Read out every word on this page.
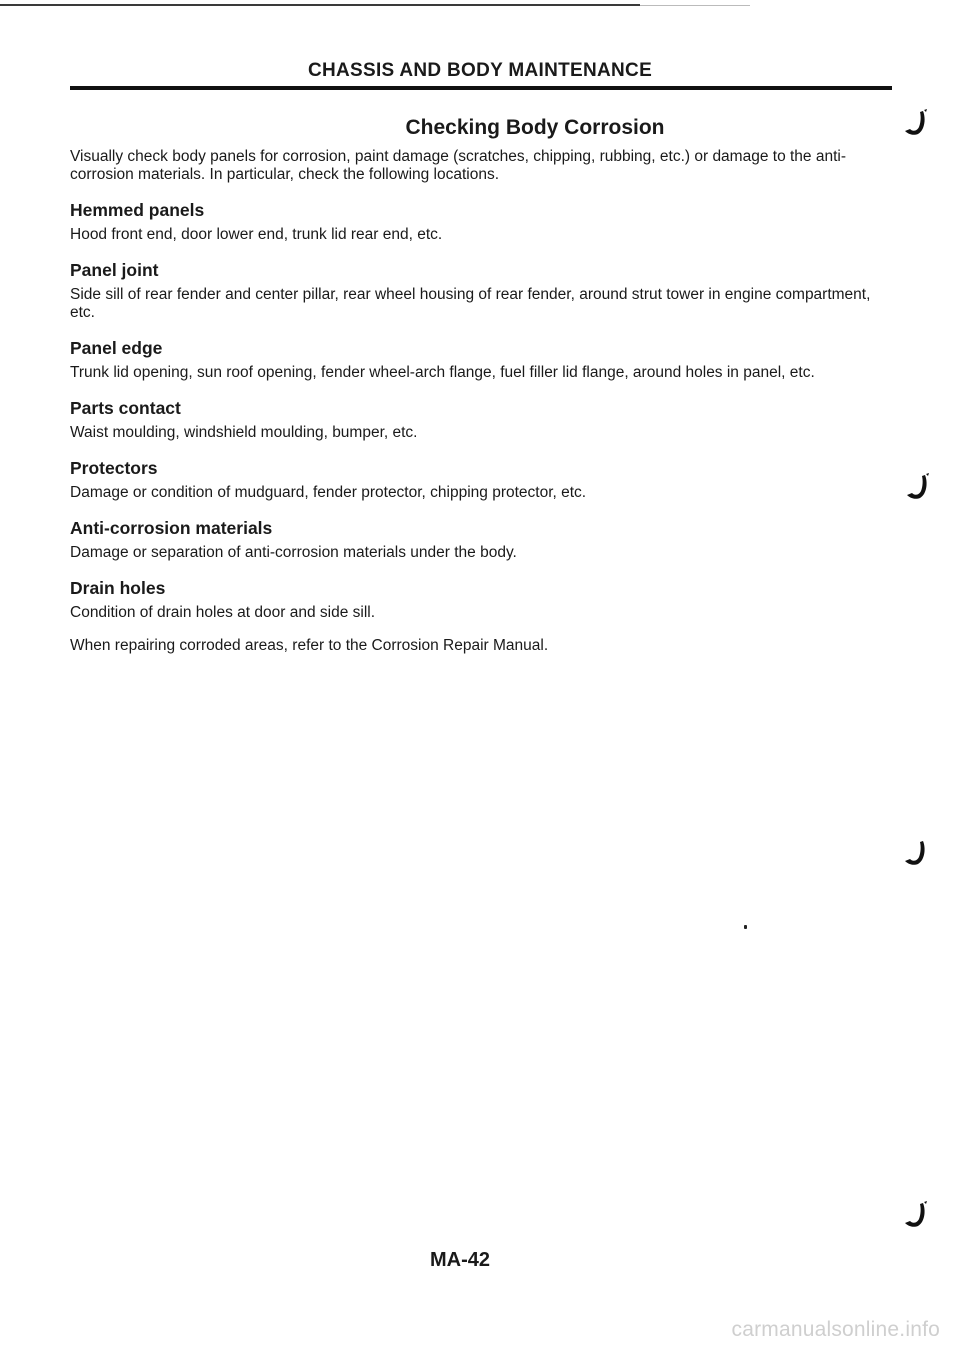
CHASSIS AND BODY MAINTENANCE
Checking Body Corrosion

Visually check body panels for corrosion, paint damage (scratches, chipping, rubbing, etc.) or damage to the anti-corrosion materials. In particular, check the following locations.

Hemmed panels

Hood front end, door lower end, trunk lid rear end, etc.

Panel joint

Side sill of rear fender and center pillar, rear wheel housing of rear fender, around strut tower in engine compartment, etc.

Panel edge

Trunk lid opening, sun roof opening, fender wheel-arch flange, fuel filler lid flange, around holes in panel, etc.

Parts contact

Waist moulding, windshield moulding, bumper, etc.

Protectors

Damage or condition of mudguard, fender protector, chipping protector, etc.

Anti-corrosion materials

Damage or separation of anti-corrosion materials under the body.

Drain holes

Condition of drain holes at door and side sill.

When repairing corroded areas, refer to the Corrosion Repair Manual.

MA-42
carmanualsonline.info
